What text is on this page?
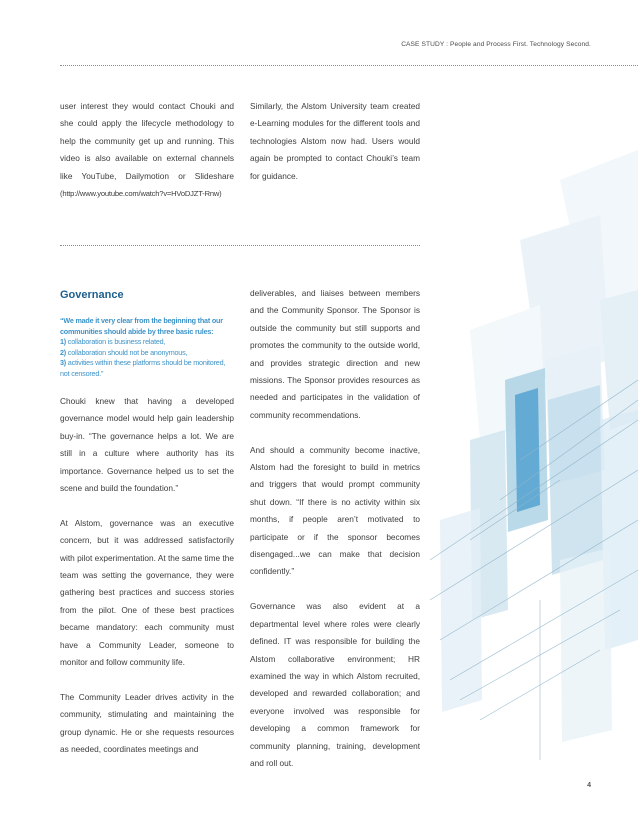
CASE STUDY : People and Process First. Technology Second.

user interest they would contact Chouki and she could apply the lifecycle methodology to help the community get up and running. This video is also available on external channels like YouTube, Dailymotion or Slideshare (http://www.youtube.com/watch?v=HVoDJZT-Rnw)

Similarly, the Alstom University team created e-Learning modules for the different tools and technologies Alstom now had. Users would again be prompted to contact Chouki’s team for guidance.

Governance
“We made it very clear from the beginning that our communities should abide by three basic rules:
1) collaboration is business related,
2) collaboration should not be anonymous,
3) activities within these platforms should be monitored, not censored.”

Chouki knew that having a developed governance model would help gain leadership buy-in. “The governance helps a lot. We are still in a culture where authority has its importance. Governance helped us to set the scene and build the foundation.”

At Alstom, governance was an executive concern, but it was addressed satisfactorily with pilot experimentation. At the same time the team was setting the governance, they were gathering best practices and success stories from the pilot. One of these best practices became mandatory: each community must have a Community Leader, someone to monitor and follow community life.

The Community Leader drives activity in the community, stimulating and maintaining the group dynamic. He or she requests resources as needed, coordinates meetings and

deliverables, and liaises between members and the Community Sponsor. The Sponsor is outside the community but still supports and promotes the community to the outside world, and provides strategic direction and new missions. The Sponsor provides resources as needed and participates in the validation of community recommendations.

And should a community become inactive, Alstom had the foresight to build in metrics and triggers that would prompt community shut down. “If there is no activity within six months, if people aren’t motivated to participate or if the sponsor becomes disengaged...we can make that decision confidently.”

Governance was also evident at a departmental level where roles were clearly defined. IT was responsible for building the Alstom collaborative environment; HR examined the way in which Alstom recruited, developed and rewarded collaboration; and everyone involved was responsible for developing a common framework for community planning, training, development and roll out.

4
